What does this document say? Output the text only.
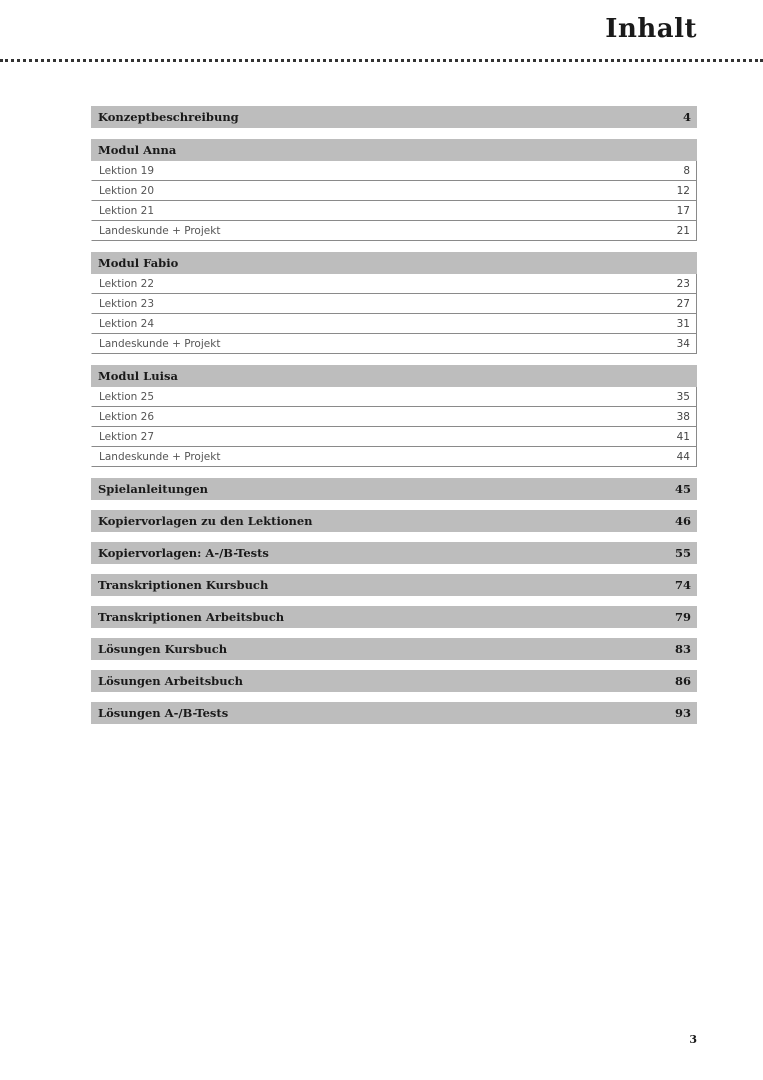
Inhalt
Konzeptbeschreibung	4
Modul Anna
Lektion 19	8
Lektion 20	12
Lektion 21	17
Landeskunde + Projekt	21
Modul Fabio
Lektion 22	23
Lektion 23	27
Lektion 24	31
Landeskunde + Projekt	34
Modul Luisa
Lektion 25	35
Lektion 26	38
Lektion 27	41
Landeskunde + Projekt	44
Spielanleitungen	45
Kopiervorlagen zu den Lektionen	46
Kopiervorlagen: A-/B-Tests	55
Transkriptionen Kursbuch	74
Transkriptionen Arbeitsbuch	79
Lösungen Kursbuch	83
Lösungen Arbeitsbuch	86
Lösungen A-/B-Tests	93
3
